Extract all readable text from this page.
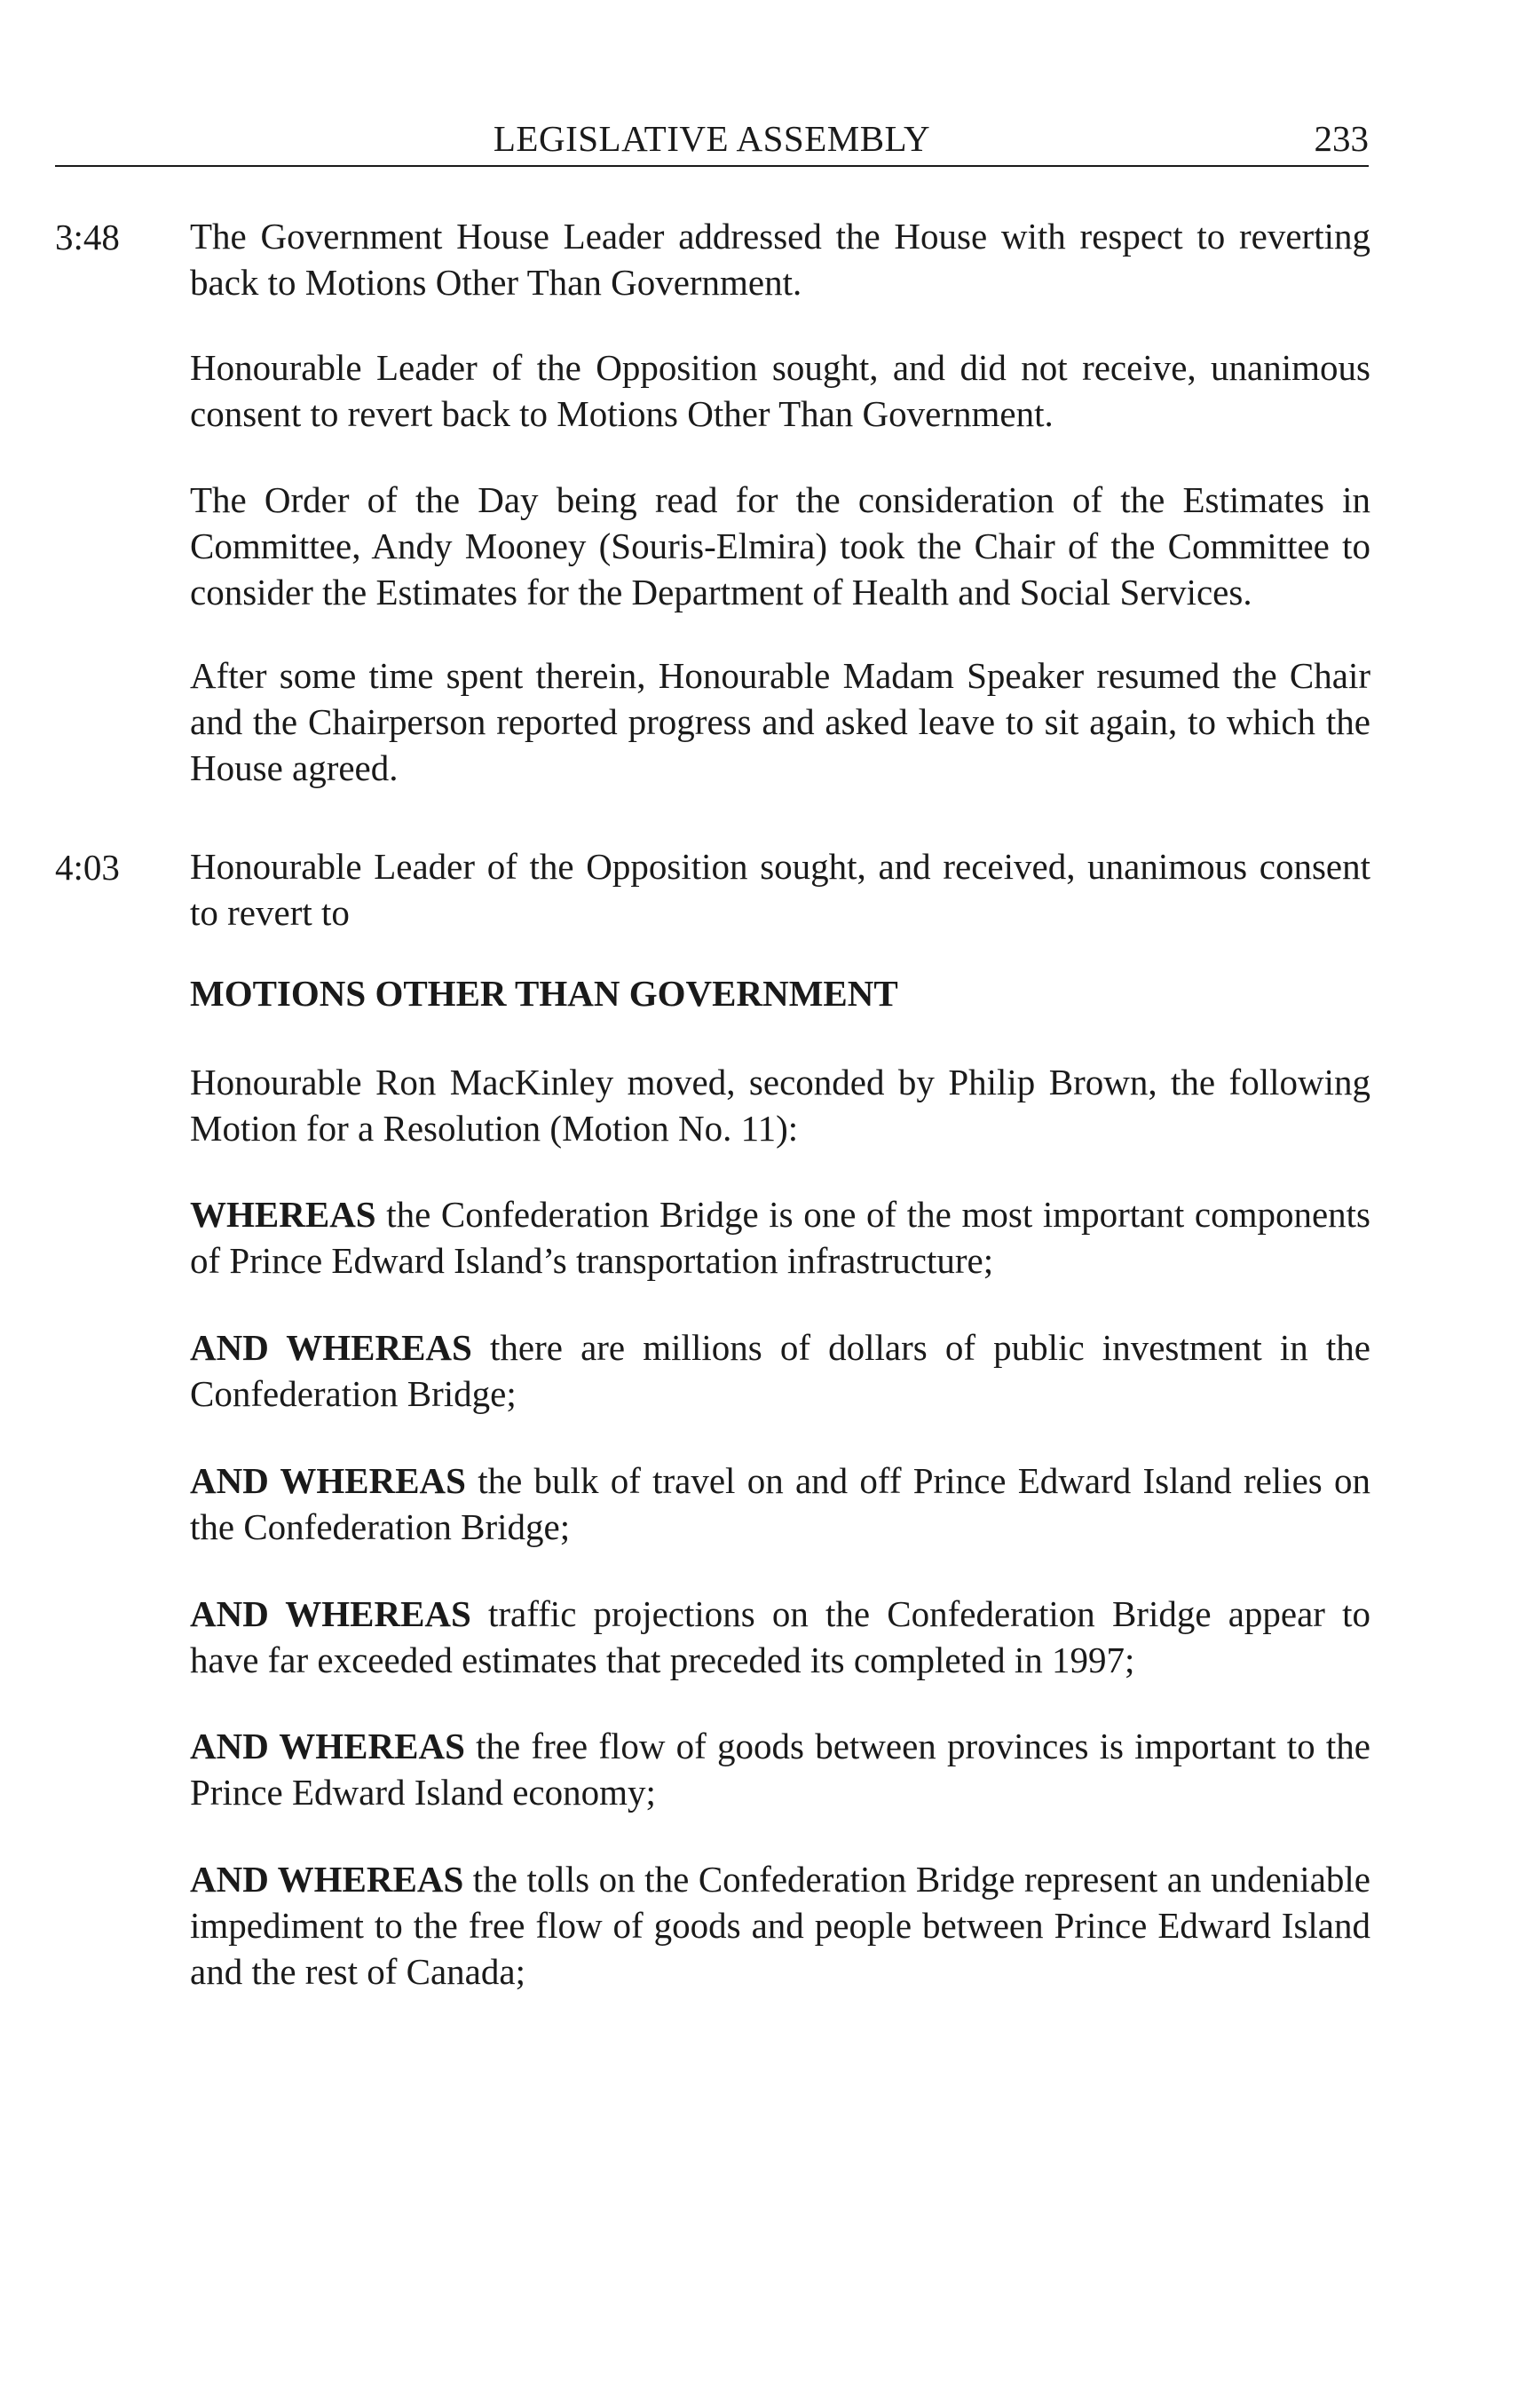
LEGISLATIVE ASSEMBLY	233
3:48 The Government House Leader addressed the House with respect to reverting back to Motions Other Than Government.
Honourable Leader of the Opposition sought, and did not receive, unanimous consent to revert back to Motions Other Than Government.
The Order of the Day being read for the consideration of the Estimates in Committee, Andy Mooney (Souris-Elmira) took the Chair of the Committee to consider the Estimates for the Department of Health and Social Services.
After some time spent therein, Honourable Madam Speaker resumed the Chair and the Chairperson reported progress and asked leave to sit again, to which the House agreed.
4:03 Honourable Leader of the Opposition sought, and received, unanimous consent to revert to
MOTIONS OTHER THAN GOVERNMENT
Honourable Ron MacKinley moved, seconded by Philip Brown, the following Motion for a Resolution (Motion No. 11):
WHEREAS the Confederation Bridge is one of the most important components of Prince Edward Island’s transportation infrastructure;
AND WHEREAS there are millions of dollars of public investment in the Confederation Bridge;
AND WHEREAS the bulk of travel on and off Prince Edward Island relies on the Confederation Bridge;
AND WHEREAS traffic projections on the Confederation Bridge appear to have far exceeded estimates that preceded its completed in 1997;
AND WHEREAS the free flow of goods between provinces is important to the Prince Edward Island economy;
AND WHEREAS the tolls on the Confederation Bridge represent an undeniable impediment to the free flow of goods and people between Prince Edward Island and the rest of Canada;
